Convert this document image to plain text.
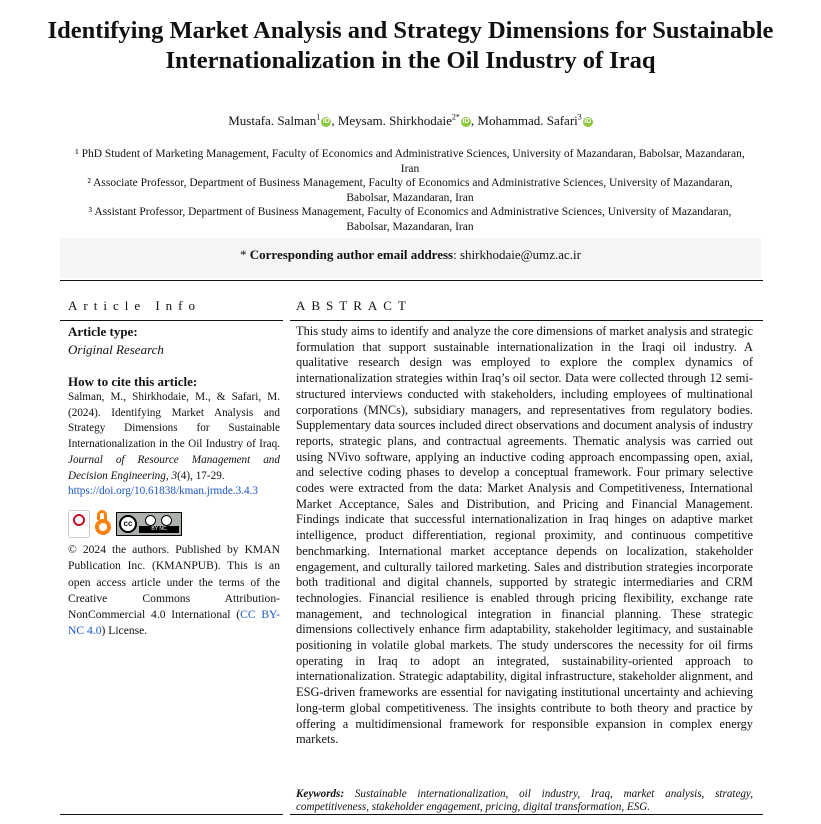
Identifying Market Analysis and Strategy Dimensions for Sustainable Internationalization in the Oil Industry of Iraq
Mustafa. Salman$^1$ iD , Meysam. Shirkhodaie$^{2*}$ iD , Mohammad. Safari$^3$ iD
¹ PhD Student of Marketing Management, Faculty of Economics and Administrative Sciences, University of Mazandaran, Babolsar, Mazandaran, Iran
² Associate Professor, Department of Business Management, Faculty of Economics and Administrative Sciences, University of Mazandaran, Babolsar, Mazandaran, Iran
³ Assistant Professor, Department of Business Management, Faculty of Economics and Administrative Sciences, University of Mazandaran, Babolsar, Mazandaran, Iran
* Corresponding author email address: shirkhodaie@umz.ac.ir
Article Info	ABSTRACT
Article type:
Original Research
How to cite this article:
Salman, M., Shirkhodaie, M., & Safari, M. (2024). Identifying Market Analysis and Strategy Dimensions for Sustainable Internationalization in the Oil Industry of Iraq. Journal of Resource Management and Decision Engineering, 3(4), 17-29.
https://doi.org/10.61838/kman.jrmde.3.4.3
cc
BY NC
© 2024 the authors. Published by KMAN Publication Inc. (KMANPUB). This is an open access article under the terms of the Creative Commons Attribution-NonCommercial 4.0 International (CC BY-NC 4.0) License.
This study aims to identify and analyze the core dimensions of market analysis and strategic formulation that support sustainable internationalization in the Iraqi oil industry. A qualitative research design was employed to explore the complex dynamics of internationalization strategies within Iraq’s oil sector. Data were collected through 12 semi-structured interviews conducted with stakeholders, including employees of multinational corporations (MNCs), subsidiary managers, and representatives from regulatory bodies. Supplementary data sources included direct observations and document analysis of industry reports, strategic plans, and contractual agreements. Thematic analysis was carried out using NVivo software, applying an inductive coding approach encompassing open, axial, and selective coding phases to develop a conceptual framework. Four primary selective codes were extracted from the data: Market Analysis and Competitiveness, International Market Acceptance, Sales and Distribution, and Pricing and Financial Management. Findings indicate that successful internationalization in Iraq hinges on adaptive market intelligence, product differentiation, regional proximity, and continuous competitive benchmarking. International market acceptance depends on localization, stakeholder engagement, and culturally tailored marketing. Sales and distribution strategies incorporate both traditional and digital channels, supported by strategic intermediaries and CRM technologies. Financial resilience is enabled through pricing flexibility, exchange rate management, and technological integration in financial planning. These strategic dimensions collectively enhance firm adaptability, stakeholder legitimacy, and sustainable positioning in volatile global markets. The study underscores the necessity for oil firms operating in Iraq to adopt an integrated, sustainability-oriented approach to internationalization. Strategic adaptability, digital infrastructure, stakeholder alignment, and ESG-driven frameworks are essential for navigating institutional uncertainty and achieving long-term global competitiveness. The insights contribute to both theory and practice by offering a multidimensional framework for responsible expansion in complex energy markets.
Keywords: Sustainable internationalization, oil industry, Iraq, market analysis, strategy, competitiveness, stakeholder engagement, pricing, digital transformation, ESG.
